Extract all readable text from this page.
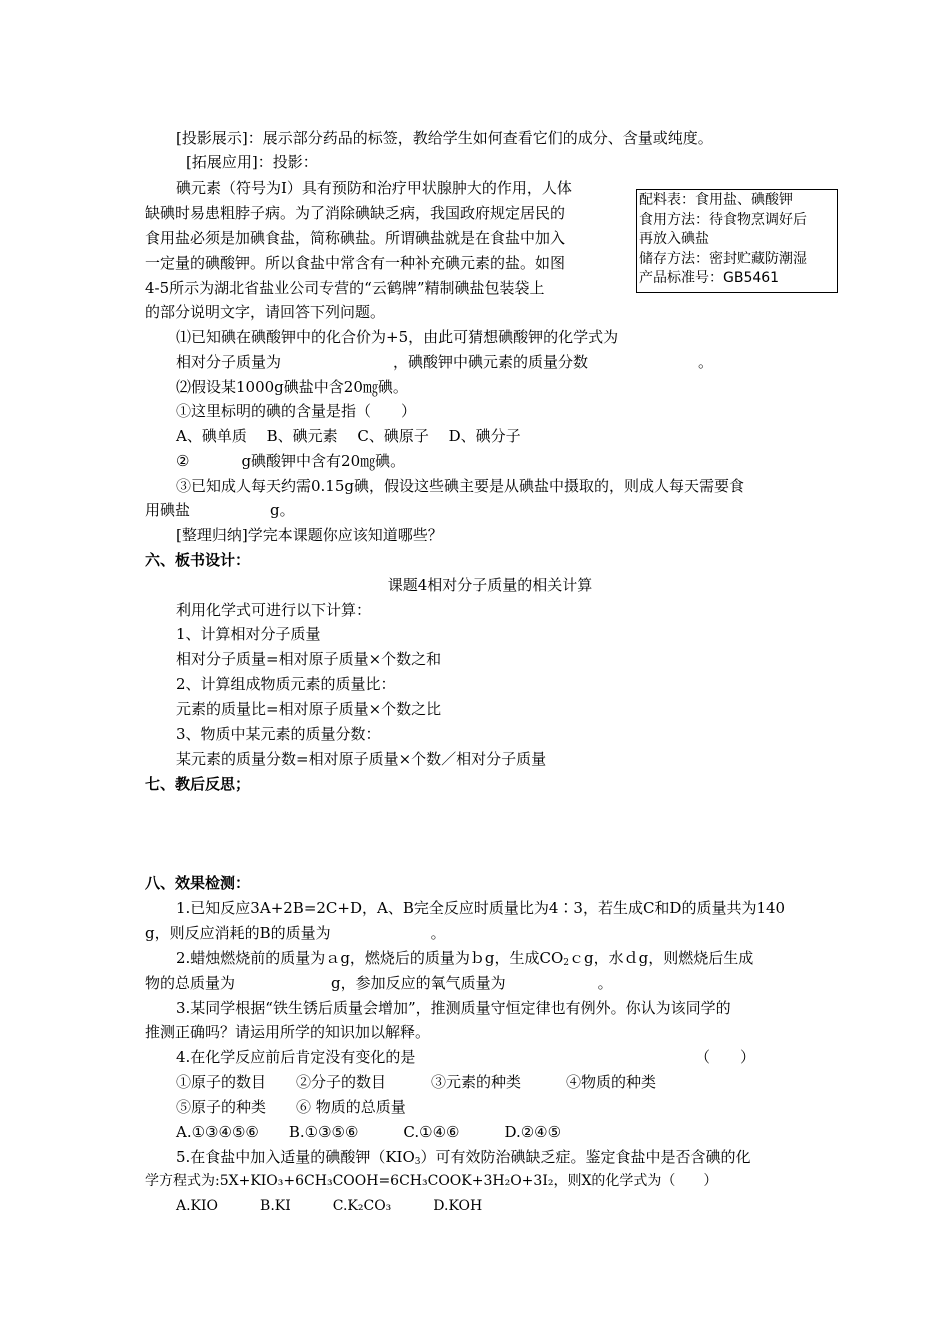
[投影展示]：展示部分药品的标签，教给学生如何查看它们的成分、含量或纯度。
[拓展应用]：投影：
碘元素（符号为I）具有预防和治疗甲状腺肿大的作用，人体
缺碘时易患粗脖子病。为了消除碘缺乏病，我国政府规定居民的
食用盐必须是加碘食盐，简称碘盐。所谓碘盐就是在食盐中加入
一定量的碘酸钾。所以食盐中常含有一种补充碘元素的盐。如图
4-5所示为湖北省盐业公司专营的“云鹤牌”精制碘盐包装袋上
的部分说明文字，请回答下列问题。
配料表：食用盐、碘酸钾
食用方法：待食物烹调好后
再放入碘盐
储存方法：密封贮藏防潮湿
产品标准号：GB5461
⑴已知碘在碘酸钾中的化合价为+5，由此可猜想碘酸钾的化学式为
相对分子质量为	，碘酸钾中碘元素的质量分数	。
⑵假设某1000g碘盐中含20㎎碘。
①这里标明的碘的含量是指（　　）
A、碘单质　 B、碘元素　 C、碘原子　 D、碘分子
②	g碘酸钾中含有20㎎碘。
③已知成人每天约需0.15g碘，假设这些碘主要是从碘盐中摄取的，则成人每天需要食
用碘盐	g。
[整理归纳]学完本课题你应该知道哪些？
六、板书设计：
课题4相对分子质量的相关计算
利用化学式可进行以下计算：
1、计算相对分子质量
相对分子质量=相对原子质量×个数之和
2、计算组成物质元素的质量比：
元素的质量比=相对原子质量×个数之比
3、物质中某元素的质量分数：
某元素的质量分数=相对原子质量×个数／相对分子质量
七、教后反思；
八、效果检测：
1.已知反应3A+2B=2C+D，A、B完全反应时质量比为4∶3，若生成C和D的质量共为140
g，则反应消耗的B的质量为	。
2.蜡烛燃烧前的质量为ａg，燃烧后的质量为ｂg，生成$CO_2cg$，水ｄg，则燃烧后生成
物的总质量为	g，参加反应的氧气质量为	。
3.某同学根据“铁生锈后质量会增加”，推测质量守恒定律也有例外。你认为该同学的
推测正确吗？请运用所学的知识加以解释。
4.在化学反应前后肯定没有变化的是	（　　）
①原子的数目　　②分子的数目　　　③元素的种类　　　④物质的种类
⑤原子的种类　　⑥ 物质的总质量
A.①③④⑤⑥　　B.①③⑤⑥　　　C.①④⑥　　　D.②④⑤
5.在食盐中加入适量的碘酸钾$(KIO_3)$可有效防治碘缺乏症。鉴定食盐中是否含碘的化
学方程式为:5X+KIO₃+6CH₃COOH=6CH₃COOK+3H₂O+3I₂，则X的化学式为（　　）
A.KIO　　　B.KI　　　C.K₂CO₃　　　D.KOH
